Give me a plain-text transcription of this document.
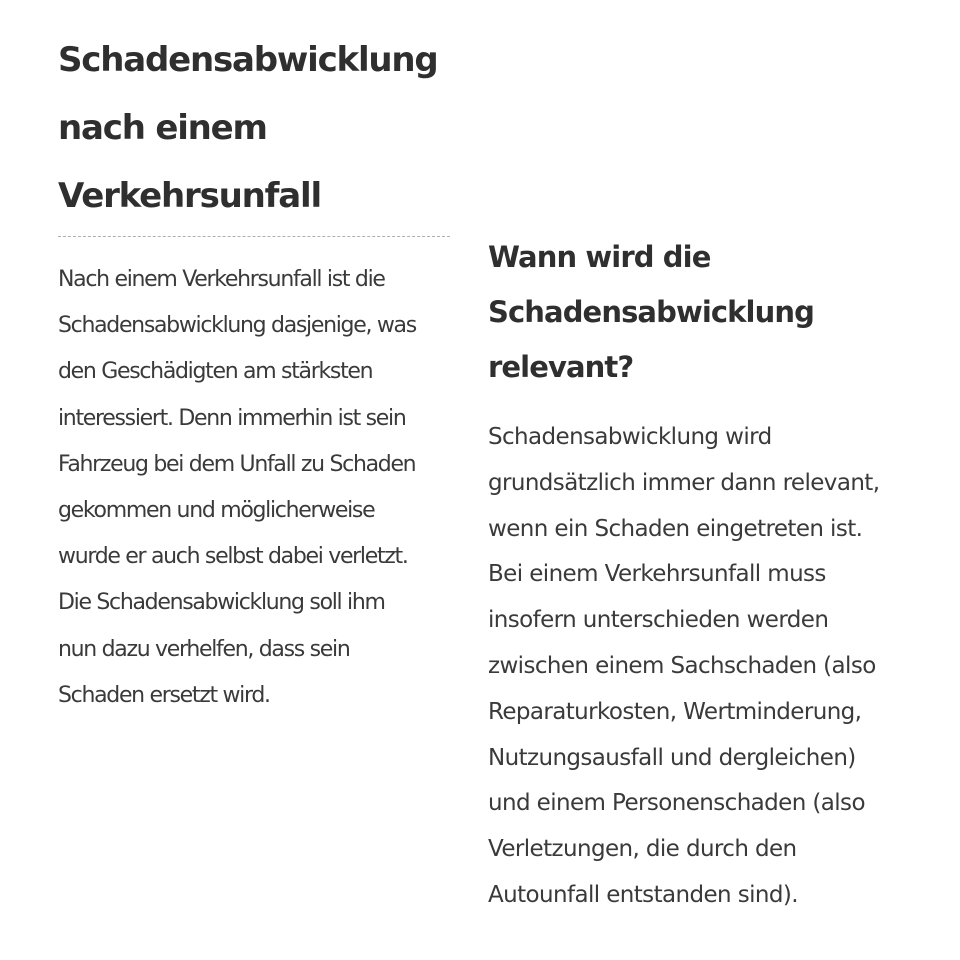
Schadensabwicklung
nach einem
Verkehrsunfall

Nach einem Verkehrsunfall ist die
Schadensabwicklung dasjenige, was
den Geschädigten am stärksten
interessiert. Denn immerhin ist sein
Fahrzeug bei dem Unfall zu Schaden
gekommen und möglicherweise
wurde er auch selbst dabei verletzt.
Die Schadensabwicklung soll ihm
nun dazu verhelfen, dass sein
Schaden ersetzt wird.

Wann wird die
Schadensabwicklung
relevant?

Schadensabwicklung wird
grundsätzlich immer dann relevant,
wenn ein Schaden eingetreten ist.
Bei einem Verkehrsunfall muss
insofern unterschieden werden
zwischen einem Sachschaden (also
Reparaturkosten, Wertminderung,
Nutzungsausfall und dergleichen)
und einem Personenschaden (also
Verletzungen, die durch den
Autounfall entstanden sind).
